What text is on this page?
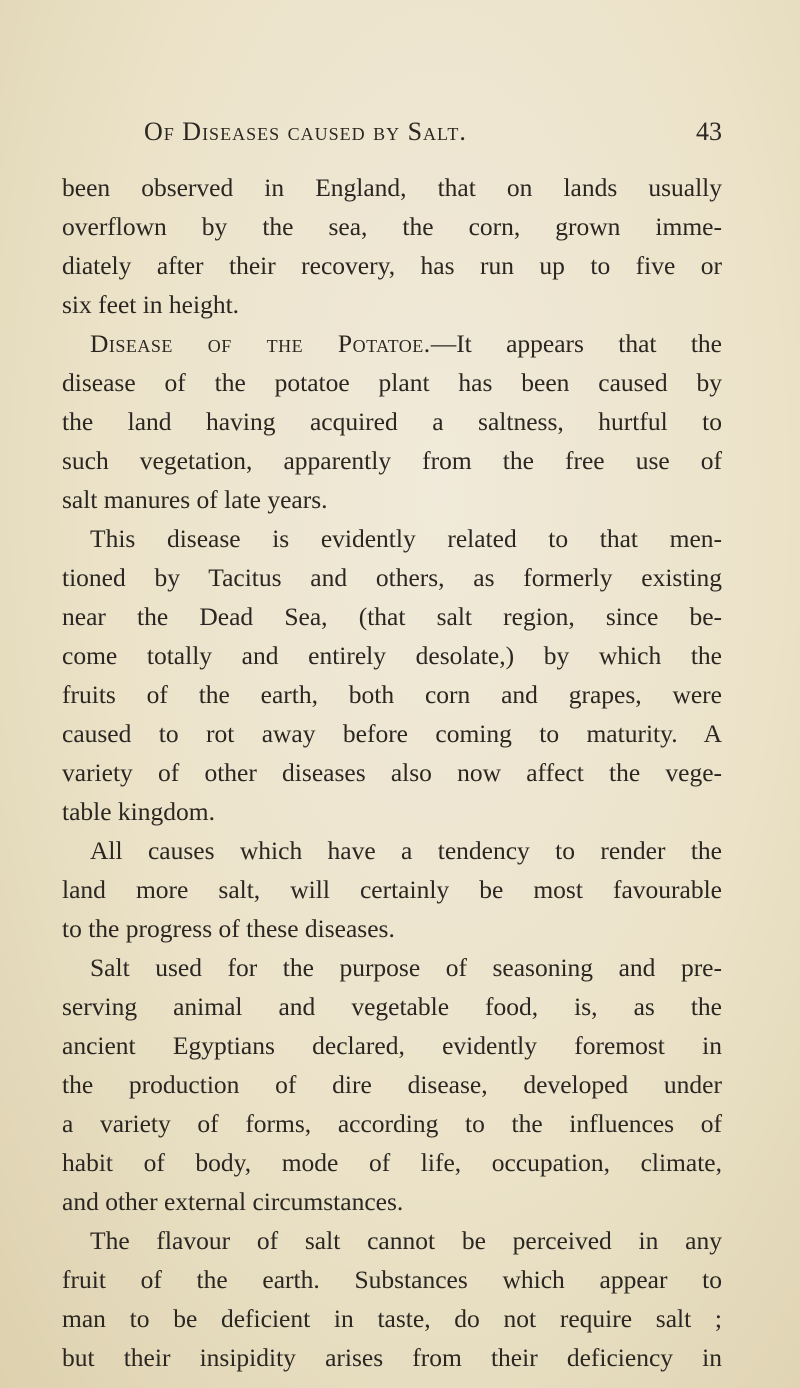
Of Diseases caused by Salt.	43
been observed in England, that on lands usually
overflown by the sea, the corn, grown imme-
diately after their recovery, has run up to five or
six feet in height.
Disease of the Potatoe.—It appears that the
disease of the potatoe plant has been caused by
the land having acquired a saltness, hurtful to
such vegetation, apparently from the free use of
salt manures of late years.
This disease is evidently related to that men-
tioned by Tacitus and others, as formerly existing
near the Dead Sea, (that salt region, since be-
come totally and entirely desolate,) by which the
fruits of the earth, both corn and grapes, were
caused to rot away before coming to maturity. A
variety of other diseases also now affect the vege-
table kingdom.
All causes which have a tendency to render the
land more salt, will certainly be most favourable
to the progress of these diseases.
Salt used for the purpose of seasoning and pre-
serving animal and vegetable food, is, as the
ancient Egyptians declared, evidently foremost in
the production of dire disease, developed under
a variety of forms, according to the influences of
habit of body, mode of life, occupation, climate,
and other external circumstances.
The flavour of salt cannot be perceived in any
fruit of the earth. Substances which appear to
man to be deficient in taste, do not require salt ;
but their insipidity arises from their deficiency in
